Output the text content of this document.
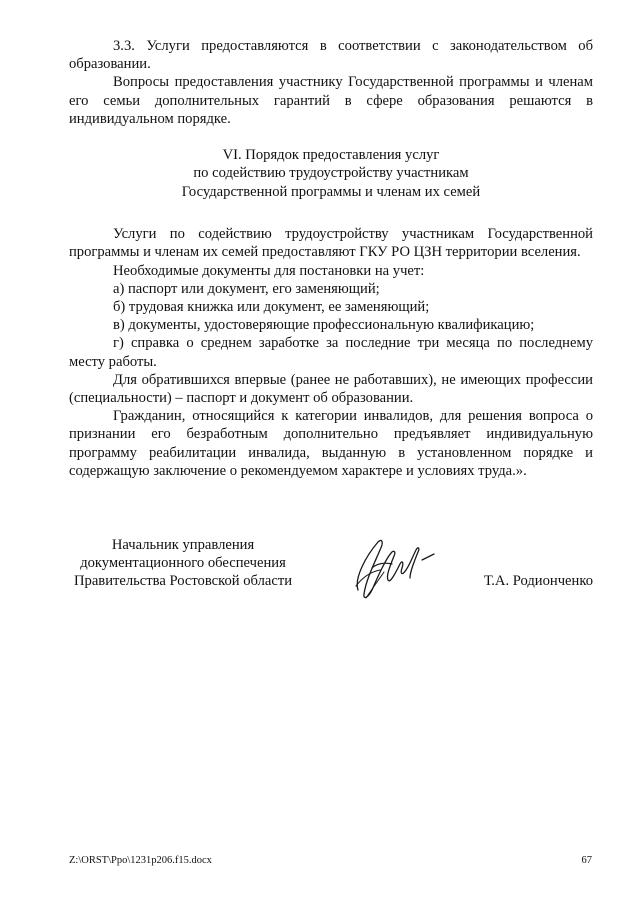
3.3. Услуги предоставляются в соответствии с законодательством об образовании.

Вопросы предоставления участнику Государственной программы и членам его семьи дополнительных гарантий в сфере образования решаются в индивидуальном порядке.

VI. Порядок предоставления услуг
по содействию трудоустройству участникам
Государственной программы и членам их семей

Услуги по содействию трудоустройству участникам Государственной программы и членам их семей предоставляют ГКУ РО ЦЗН территории вселения.

Необходимые документы для постановки на учет:

а) паспорт или документ, его заменяющий;

б) трудовая книжка или документ, ее заменяющий;

в) документы, удостоверяющие профессиональную квалификацию;

г) справка о среднем заработке за последние три месяца по последнему месту работы.

Для обратившихся впервые (ранее не работавших), не имеющих профессии (специальности) – паспорт и документ об образовании.

Гражданин, относящийся к категории инвалидов, для решения вопроса о признании его безработным дополнительно предъявляет индивидуальную программу реабилитации инвалида, выданную в установленном порядке и содержащую заключение о рекомендуемом характере и условиях труда.».

Начальник управления
документационного обеспечения
Правительства Ростовской области	Т.А. Родионченко
Z:\ORST\Ppo\1231p206.f15.docx	67
